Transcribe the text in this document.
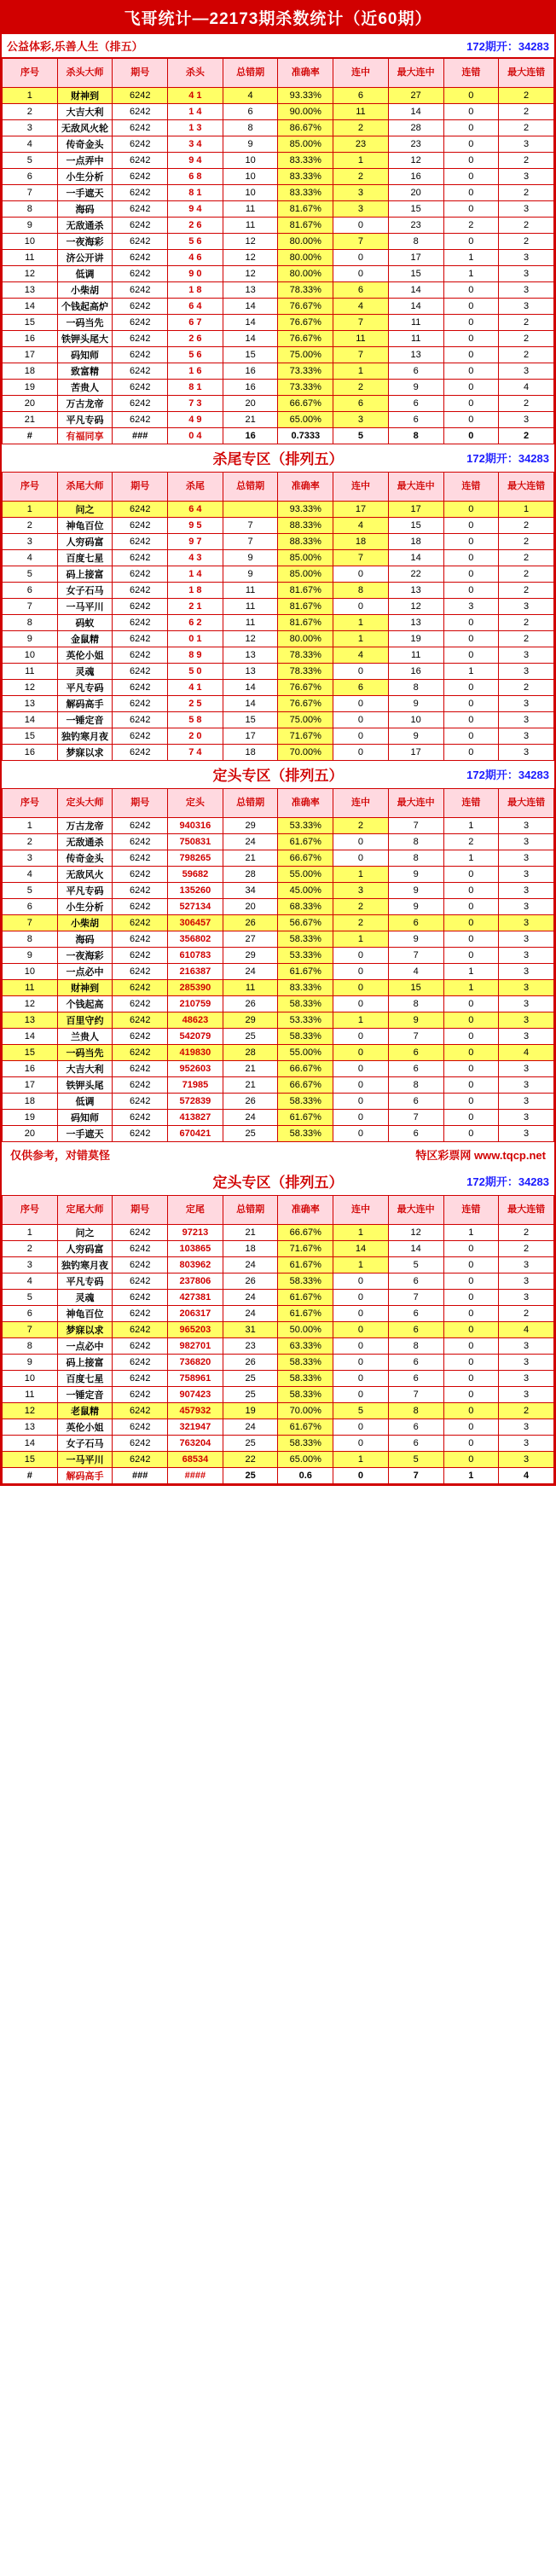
飞哥统计—22173期杀数统计（近60期）
公益体彩,乐善人生（排五）	172期开：34283
序号	杀头大师	期号	杀头	总错期	准确率	连中	最大连中	连错	最大连错
1	财神到	6242	4 1	4	93.33%	6	27	0	2
2	大吉大利	6242	1 4	6	90.00%	11	14	0	2
3	无敌风火轮	6242	1 3	8	86.67%	2	28	0	2
4	传奇金头	6242	3 4	9	85.00%	23	23	0	3
5	一点弄中	6242	9 4	10	83.33%	1	12	0	2
6	小生分析	6242	6 8	10	83.33%	2	16	0	3
7	一手遮天	6242	8 1	10	83.33%	3	20	0	2
8	海码	6242	9 4	11	81.67%	3	15	0	3
9	无敌通杀	6242	2 6	11	81.67%	0	23	2	2
10	一夜海彩	6242	5 6	12	80.00%	7	8	0	2
11	济公开讲	6242	4 6	12	80.00%	0	17	1	3
12	低调	6242	9 0	12	80.00%	0	15	1	3
13	小柴胡	6242	1 8	13	78.33%	6	14	0	3
14	个钱起高炉	6242	6 4	14	76.67%	4	14	0	3
15	一码当先	6242	6 7	14	76.67%	7	11	0	2
16	铁钾头尾大	6242	2 6	14	76.67%	11	11	0	2
17	码知师	6242	5 6	15	75.00%	7	13	0	2
18	致富精	6242	1 6	16	73.33%	1	6	0	3
19	苦贵人	6242	8 1	16	73.33%	2	9	0	4
20	万古龙帝	6242	7 3	20	66.67%	6	6	0	2
21	平凡专码	6242	4 9	21	65.00%	3	6	0	3
#	有福同享	###	0 4	16	0.7333	5	8	0	2
杀尾专区（排列五）	172期开：34283
序号	杀尾大师	期号	杀尾	总错期	准确率	连中	最大连中	连错	最大连错
1	问之	6242	6 4		93.33%	17	17	0	1
2	神龟百位	6242	9 5	7	88.33%	4	15	0	2
3	人穷码富	6242	9 7	7	88.33%	18	18	0	2
4	百度七星	6242	4 3	9	85.00%	7	14	0	2
5	码上接富	6242	1 4	9	85.00%	0	22	0	2
6	女子石马	6242	1 8	11	81.67%	8	13	0	2
7	一马平川	6242	2 1	11	81.67%	0	12	3	3
8	码蚁	6242	6 2	11	81.67%	1	13	0	2
9	金鼠精	6242	0 1	12	80.00%	1	19	0	2
10	英伦小姐	6242	8 9	13	78.33%	4	11	0	3
11	灵魂	6242	5 0	13	78.33%	0	16	1	3
12	平凡专码	6242	4 1	14	76.67%	6	8	0	2
13	解码高手	6242	2 5	14	76.67%	0	9	0	3
14	一锤定音	6242	5 8	15	75.00%	0	10	0	3
15	独钓寒月夜	6242	2 0	17	71.67%	0	9	0	3
16	梦寐以求	6242	7 4	18	70.00%	0	17	0	3
定头专区（排列五）	172期开：34283
序号	定头大师	期号	定头	总错期	准确率	连中	最大连中	连错	最大连错
1	万古龙帝	6242	940316	29	53.33%	2	7	1	3
2	无敌通杀	6242	750831	24	61.67%	0	8	2	3
3	传奇金头	6242	798265	21	66.67%	0	8	1	3
4	无敌风火	6242	59682	28	55.00%	1	9	0	3
5	平凡专码	6242	135260	34	45.00%	3	9	0	3
6	小生分析	6242	527134	20	68.33%	2	9	0	3
7	小柴胡	6242	306457	26	56.67%	2	6	0	3
8	海码	6242	356802	27	58.33%	1	9	0	3
9	一夜海彩	6242	610783	29	53.33%	0	7	0	3
10	一点必中	6242	216387	24	61.67%	0	4	1	3
11	财神到	6242	285390	11	83.33%	0	15	1	3
12	个钱起高	6242	210759	26	58.33%	0	8	0	3
13	百里守约	6242	48623	29	53.33%	1	9	0	3
14	兰贵人	6242	542079	25	58.33%	0	7	0	3
15	一码当先	6242	419830	28	55.00%	0	6	0	4
16	大吉大利	6242	952603	21	66.67%	0	6	0	3
17	铁钾头尾	6242	71985	21	66.67%	0	8	0	3
18	低调	6242	572839	26	58.33%	0	6	0	3
19	码知师	6242	413827	24	61.67%	0	7	0	3
20	一手遮天	6242	670421	25	58.33%	0	6	0	3
仅供参考，对错莫怪	特区彩票网 www.tqcp.net
定头专区（排列五）	172期开：34283
序号	定尾大师	期号	定尾	总错期	准确率	连中	最大连中	连错	最大连错
1	问之	6242	97213	21	66.67%	1	12	1	2
2	人穷码富	6242	103865	18	71.67%	14	14	0	2
3	独钓寒月夜	6242	803962	24	61.67%	1	5	0	3
4	平凡专码	6242	237806	26	58.33%	0	6	0	3
5	灵魂	6242	427381	24	61.67%	0	7	0	3
6	神龟百位	6242	206317	24	61.67%	0	6	0	2
7	梦寐以求	6242	965203	31	50.00%	0	6	0	4
8	一点必中	6242	982701	23	63.33%	0	8	0	3
9	码上接富	6242	736820	26	58.33%	0	6	0	3
10	百度七星	6242	758961	25	58.33%	0	6	0	3
11	一锤定音	6242	907423	25	58.33%	0	7	0	3
12	老鼠精	6242	457932	19	70.00%	5	8	0	2
13	英伦小姐	6242	321947	24	61.67%	0	6	0	3
14	女子石马	6242	763204	25	58.33%	0	6	0	3
15	一马平川	6242	68534	22	65.00%	1	5	0	3
#	解码高手	###	####	25	0.6	0	7	1	4
